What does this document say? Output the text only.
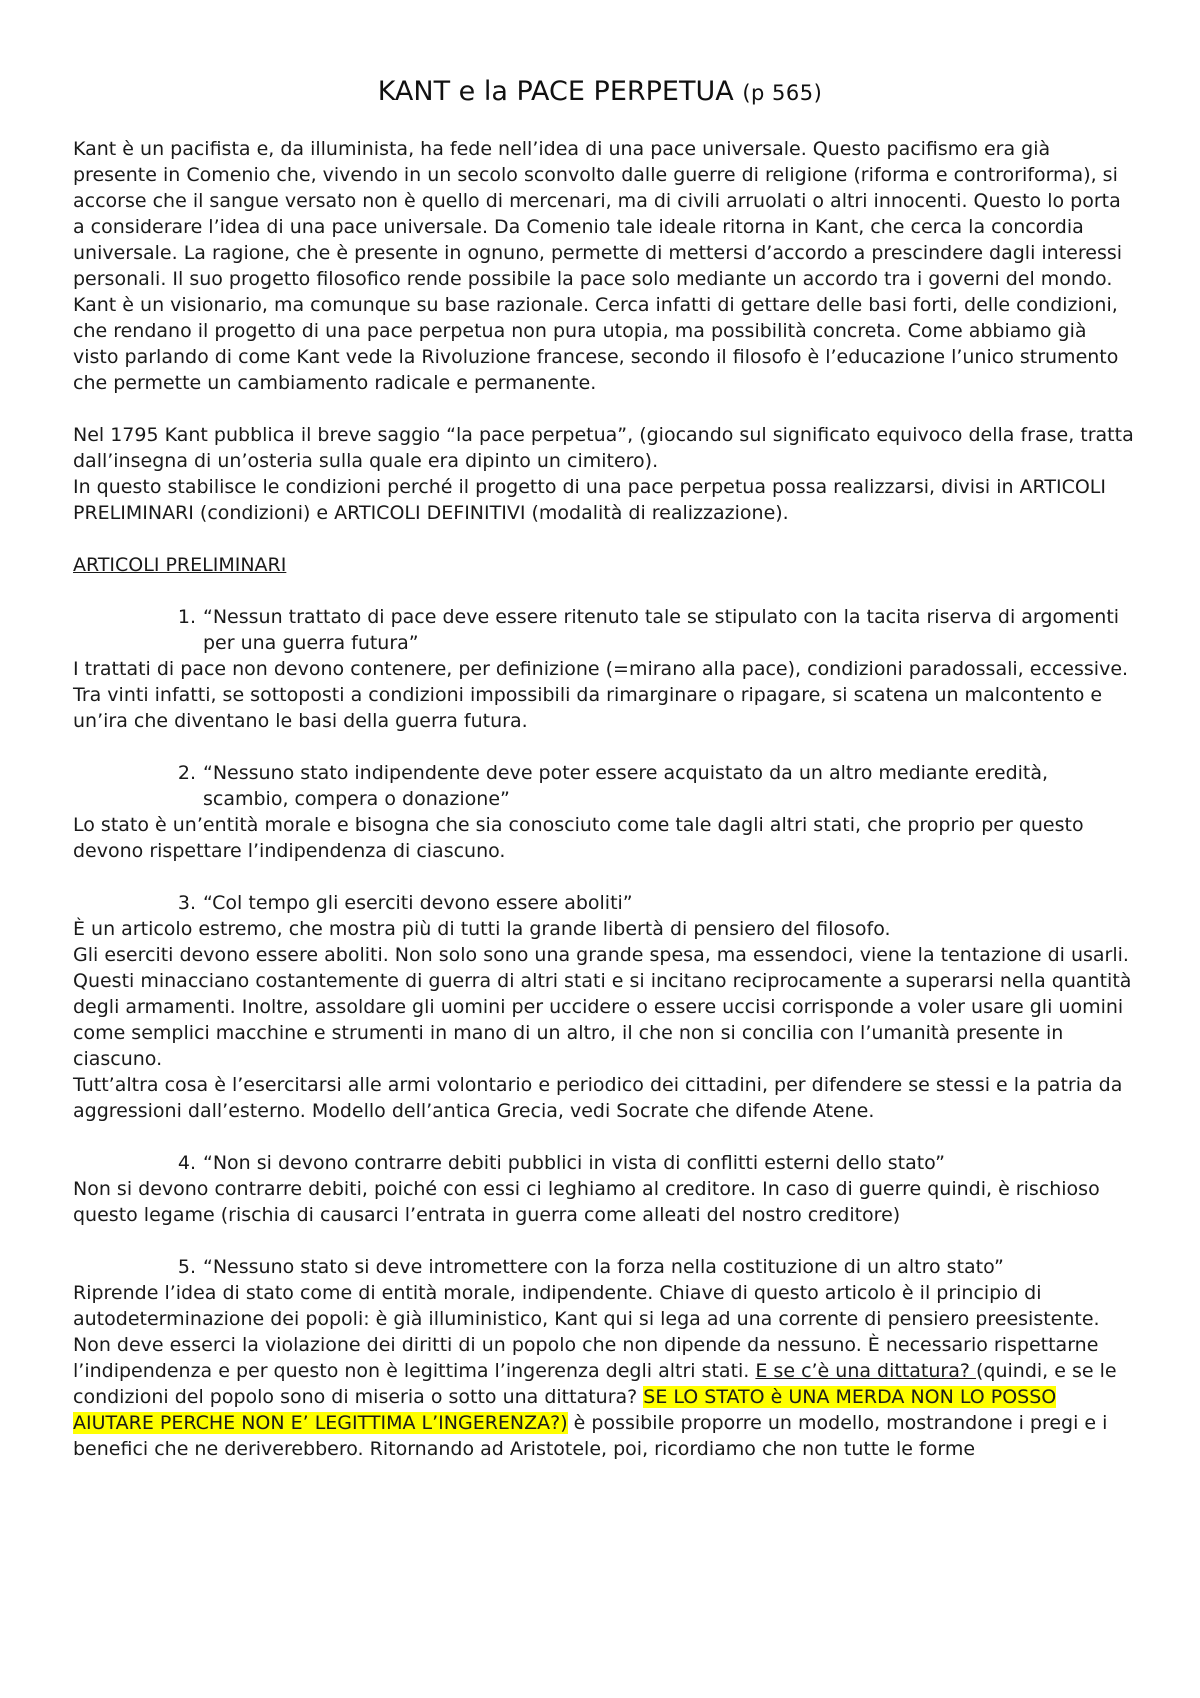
KANT e la PACE PERPETUA (p 565)

Kant è un pacifista e, da illuminista, ha fede nell’idea di una pace universale. Questo pacifismo era già presente in Comenio che, vivendo in un secolo sconvolto dalle guerre di religione (riforma e controriforma), si accorse che il sangue versato non è quello di mercenari, ma di civili arruolati o altri innocenti. Questo lo porta a considerare l’idea di una pace universale. Da Comenio tale ideale ritorna in Kant, che cerca la concordia universale. La ragione, che è presente in ognuno, permette di mettersi d’accordo a prescindere dagli interessi personali. Il suo progetto filosofico rende possibile la pace solo mediante un accordo tra i governi del mondo.

Kant è un visionario, ma comunque su base razionale. Cerca infatti di gettare delle basi forti, delle condizioni, che rendano il progetto di una pace perpetua non pura utopia, ma possibilità concreta. Come abbiamo già visto parlando di come Kant vede la Rivoluzione francese, secondo il filosofo è l’educazione l’unico strumento che permette un cambiamento radicale e permanente.

Nel 1795 Kant pubblica il breve saggio “la pace perpetua”, (giocando sul significato equivoco della frase, tratta dall’insegna di un’osteria sulla quale era dipinto un cimitero).

In questo stabilisce le condizioni perché il progetto di una pace perpetua possa realizzarsi, divisi in ARTICOLI PRELIMINARI (condizioni) e ARTICOLI DEFINITIVI (modalità di realizzazione).

ARTICOLI PRELIMINARI

1. “Nessun trattato di pace deve essere ritenuto tale se stipulato con la tacita riserva di argomenti per una guerra futura”

I trattati di pace non devono contenere, per definizione (=mirano alla pace), condizioni paradossali, eccessive. Tra vinti infatti, se sottoposti a condizioni impossibili da rimarginare o ripagare, si scatena un malcontento e un’ira che diventano le basi della guerra futura.

2. “Nessuno stato indipendente deve poter essere acquistato da un altro mediante eredità, scambio, compera o donazione”

Lo stato è un’entità morale e bisogna che sia conosciuto come tale dagli altri stati, che proprio per questo devono rispettare l’indipendenza di ciascuno.

3. “Col tempo gli eserciti devono essere aboliti”

È un articolo estremo, che mostra più di tutti la grande libertà di pensiero del filosofo.

Gli eserciti devono essere aboliti. Non solo sono una grande spesa, ma essendoci, viene la tentazione di usarli. Questi minacciano costantemente di guerra di altri stati e si incitano reciprocamente a superarsi nella quantità degli armamenti. Inoltre, assoldare gli uomini per uccidere o essere uccisi corrisponde a voler usare gli uomini come semplici macchine e strumenti in mano di un altro, il che non si concilia con l’umanità presente in ciascuno.

Tutt’altra cosa è l’esercitarsi alle armi volontario e periodico dei cittadini, per difendere se stessi e la patria da aggressioni dall’esterno. Modello dell’antica Grecia, vedi Socrate che difende Atene.

4. “Non si devono contrarre debiti pubblici in vista di conflitti esterni dello stato”

Non si devono contrarre debiti, poiché con essi ci leghiamo al creditore. In caso di guerre quindi, è rischioso questo legame (rischia di causarci l’entrata in guerra come alleati del nostro creditore)

5. “Nessuno stato si deve intromettere con la forza nella costituzione di un altro stato”

Riprende l’idea di stato come di entità morale, indipendente. Chiave di questo articolo è il principio di autodeterminazione dei popoli: è già illuministico, Kant qui si lega ad una corrente di pensiero preesistente. Non deve esserci la violazione dei diritti di un popolo che non dipende da nessuno. È necessario rispettarne l’indipendenza e per questo non è legittima l’ingerenza degli altri stati. E se c’è una dittatura? (quindi, e se le condizioni del popolo sono di miseria o sotto una dittatura? SE LO STATO è UNA MERDA NON LO POSSO AIUTARE PERCHE NON E’ LEGITTIMA L’INGERENZA?) è possibile proporre un modello, mostrandone i pregi e i benefici che ne deriverebbero. Ritornando ad Aristotele, poi, ricordiamo che non tutte le forme
